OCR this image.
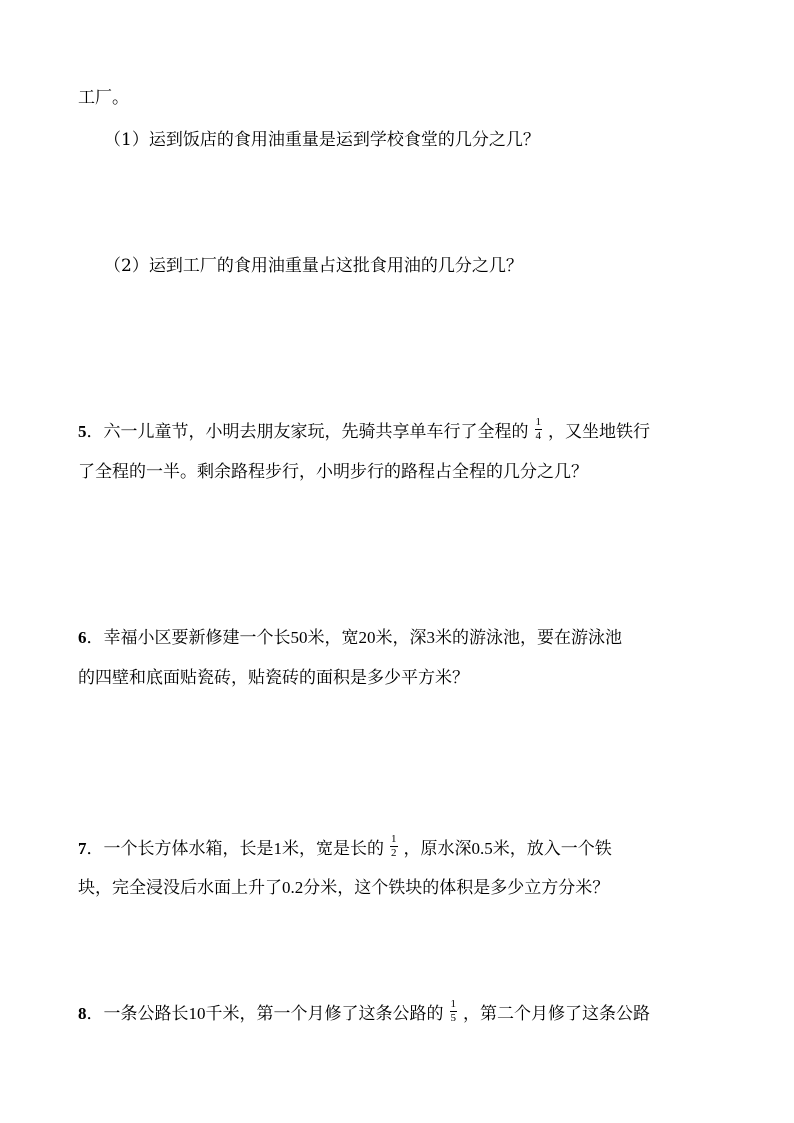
工厂。
（1）运到饭店的食用油重量是运到学校食堂的几分之几？
（2）运到工厂的食用油重量占这批食用油的几分之几？
5．六一儿童节，小明去朋友家玩，先骑共享单车行了全程的 $\frac{1}{4}$ ，又坐地铁行
了全程的一半。剩余路程步行，小明步行的路程占全程的几分之几？
6．幸福小区要新修建一个长50米，宽20米，深3米的游泳池，要在游泳池
的四壁和底面贴瓷砖，贴瓷砖的面积是多少平方米？
7．一个长方体水箱，长是1米，宽是长的 $\frac{1}{2}$ ，原水深0.5米，放入一个铁
块，完全浸没后水面上升了0.2分米，这个铁块的体积是多少立方分米？
8．一条公路长10千米，第一个月修了这条公路的 $\frac{1}{5}$ ，第二个月修了这条公路
